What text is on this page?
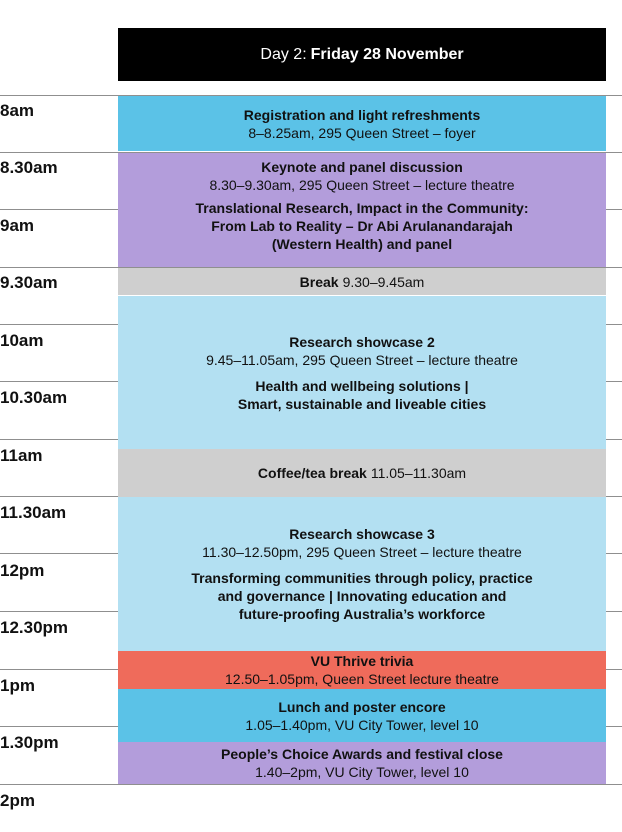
Day 2: Friday 28 November
8am
8.30am
9am
9.30am
10am
10.30am
11am
11.30am
12pm
12.30pm
1pm
1.30pm
2pm
Registration and light refreshments
8–8.25am, 295 Queen Street – foyer
Keynote and panel discussion
8.30–9.30am, 295 Queen Street – lecture theatre
Translational Research, Impact in the Community:
From Lab to Reality – Dr Abi Arulanandarajah
(Western Health) and panel
Break 9.30–9.45am
Research showcase 2
9.45–11.05am, 295 Queen Street – lecture theatre
Health and wellbeing solutions |
Smart, sustainable and liveable cities
Coffee/tea break 11.05–11.30am
Research showcase 3
11.30–12.50pm, 295 Queen Street – lecture theatre
Transforming communities through policy, practice
and governance | Innovating education and
future-proofing Australia’s workforce
VU Thrive trivia
12.50–1.05pm, Queen Street lecture theatre
Lunch and poster encore
1.05–1.40pm, VU City Tower, level 10
People’s Choice Awards and festival close
1.40–2pm, VU City Tower, level 10
